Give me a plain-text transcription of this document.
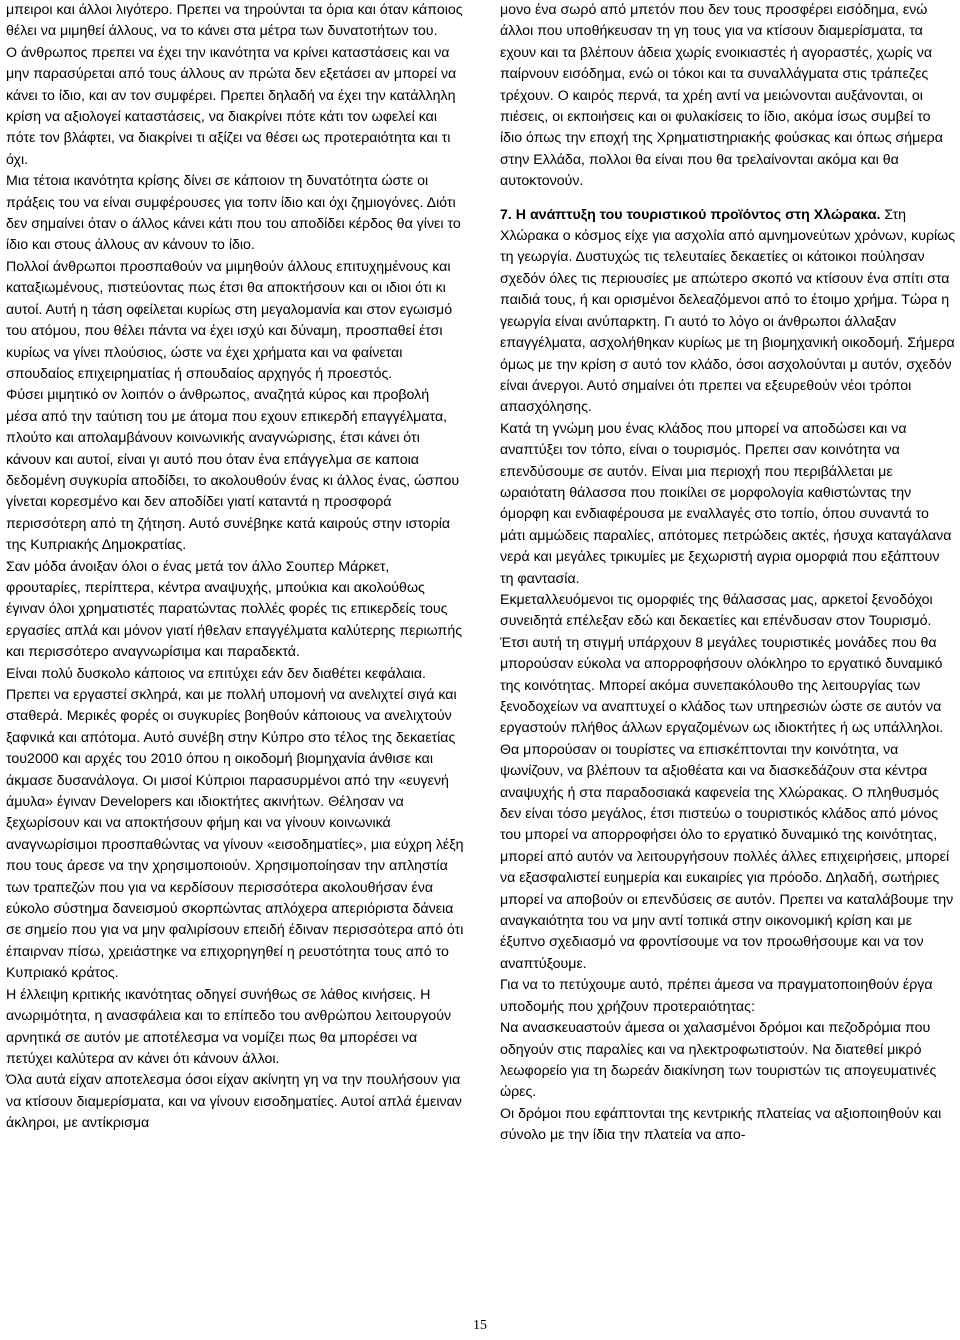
μπειροι και άλλοι λιγότερο. Πρεπει να τηρούνται τα όρια και όταν κάποιος θέλει να μιμηθεί άλλους, να το κάνει στα μέτρα των δυνατοτήτων του.

Ο άνθρωπος πρεπει να έχει την ικανότητα να κρίνει καταστάσεις και να μην παρασύρεται από τους άλλους αν πρώτα δεν εξετάσει αν μπορεί να κάνει το ίδιο, και αν τον συμφέρει. Πρεπει δηλαδή να έχει την κατάλληλη κρίση να αξιολογεί καταστάσεις, να διακρίνει πότε κάτι τον ωφελεί και πότε τον βλάφτει, να διακρίνει τι αξίζει να θέσει ως προτεραιότητα και τι όχι.

Μια τέτοια ικανότητα κρίσης δίνει σε κάποιον τη δυνατότητα ώστε οι πράξεις του να είναι συμφέρουσες για τοπν ίδιο και όχι ζημιογόνες. Διότι δεν σημαίνει όταν ο άλλος κάνει κάτι που του αποδίδει κέρδος θα γίνει το ίδιο και στους άλλους αν κάνουν το ίδιο.

Πολλοί άνθρωποι προσπαθούν να μιμηθούν άλλους επιτυχημένους και καταξιωμένους, πιστεύοντας πως έτσι θα αποκτήσουν και οι ιδιοι ότι κι αυτοί. Αυτή η τάση οφείλεται κυρίως στη μεγαλομανία και στον εγωισμό του ατόμου, που θέλει πάντα να έχει ισχύ και δύναμη, προσπαθεί έτσι κυρίως να γίνει πλούσιος, ώστε να έχει χρήματα και να φαίνεται σπουδαίος επιχειρηματίας ή σπουδαίος αρχηγός ή προεστός.

Φύσει μιμητικό ον λοιπόν ο άνθρωπος, αναζητά κύρος και προβολή μέσα από την ταύτιση του με άτομα που εχουν επικερδή επαγγέλματα, πλούτο και απολαμβάνουν κοινωνικής αναγνώρισης, έτσι κάνει ότι κάνουν και αυτοί, είναι γι αυτό που όταν ένα επάγγελμα σε καποια δεδομένη συγκυρία αποδίδει, το ακολουθούν ένας κι άλλος ένας, ώσπου γίνεται κορεσμένο και δεν αποδίδει γιατί καταντά η προσφορά περισσότερη από τη ζήτηση. Αυτό συνέβηκε κατά καιρούς στην ιστορία της Κυπριακής Δημοκρατίας.

Σαν μόδα άνοιξαν όλοι ο ένας μετά τον άλλο Σουπερ Μάρκετ, φρουταρίες, περίπτερα, κέντρα αναψυχής, μπούκια και ακολούθως έγιναν όλοι χρηματιστές παρατώντας πολλές φορές τις επικερδείς τους εργασίες απλά και μόνον γιατί ήθελαν επαγγέλματα καλύτερης περιωπής και περισσότερο αναγνωρίσιμα και παραδεκτά.

Είναι πολύ δυσκολο κάποιος να επιτύχει εάν δεν διαθέτει κεφάλαια. Πρεπει να εργαστεί σκληρά, και με πολλή υπομονή να ανελιχτεί σιγά και σταθερά. Μερικές φορές οι συγκυρίες βοηθούν κάποιους να ανελιχτούν ξαφνικά και απότομα. Αυτό συνέβη στην Κύπρο στο τέλος της δεκαετίας του2000 και αρχές του 2010 όπου η οικοδομή βιομηχανία άνθισε και άκμασε δυσανάλογα. Οι μισοί Κύπριοι παρασυρμένοι από την «ευγενή άμυλα» έγιναν Developers και ιδιοκτήτες ακινήτων. Θέλησαν να ξεχωρίσουν και να αποκτήσουν φήμη και να γίνουν κοινωνικά αναγνωρίσιμοι προσπαθώντας να γίνουν «εισοδηματίες», μια εύχρη λέξη που τους άρεσε να την χρησιμοποιούν. Χρησιμοποίησαν την απληστία των τραπεζών που για να κερδίσουν περισσότερα ακολουθήσαν ένα εύκολο σύστημα δανεισμού σκορπώντας απλόχερα απεριόριστα δάνεια σε σημείο που για να μην φαλιρίσουν επειδή έδιναν περισσότερα από ότι έπαιρναν πίσω, χρειάστηκε να επιχορηγηθεί η ρευστότητα τους από το Κυπριακό κράτος.

Η έλλειψη κριτικής ικανότητας οδηγεί συνήθως σε λάθος κινήσεις. Η ανωριμότητα, η ανασφάλεια και το επίπεδο του ανθρώπου λειτουργούν αρνητικά σε αυτόν με αποτέλεσμα να νομίζει πως θα μπορέσει να πετύχει καλύτερα αν κάνει ότι κάνουν άλλοι.

Όλα αυτά είχαν αποτελεσμα όσοι είχαν ακίνητη γη να την πουλήσουν για να κτίσουν διαμερίσματα, και να γίνουν εισοδηματίες. Αυτοί απλά έμειναν άκληροι, με αντίκρισμα

μονο ένα σωρό από μπετόν που δεν τους προσφέρει εισόδημα, ενώ άλλοι που υποθήκευσαν τη γη τους για να κτίσουν διαμερίσματα, τα εχουν και τα βλέπουν άδεια χωρίς ενοικιαστές ή αγοραστές, χωρίς να παίρνουν εισόδημα, ενώ οι τόκοι και τα συναλλάγματα στις τράπεζες τρέχουν. Ο καιρός περνά, τα χρέη αντί να μειώνονται αυξάνονται, οι πιέσεις, οι εκποιήσεις και οι φυλακίσεις το ίδιο, ακόμα ίσως συμβεί το ίδιο όπως την εποχή της Χρηματιστηριακής φούσκας και όπως σήμερα στην Ελλάδα, πολλοι θα είναι που θα τρελαίνονται ακόμα και θα αυτοκτονούν.

7. Η ανάπτυξη του τουριστικού προϊόντος στη Χλώρακα. Στη Χλώρακα ο κόσμος είχε για ασχολία από αμνημονεύτων χρόνων, κυρίως τη γεωργία. Δυστυχώς τις τελευταίες δεκαετίες οι κάτοικοι πούλησαν σχεδόν όλες τις περιουσίες με απώτερο σκοπό να κτίσουν ένα σπίτι στα παιδιά τους, ή και ορισμένοι δελεαζόμενοι από το έτοιμο χρήμα. Τώρα η γεωργία είναι ανύπαρκτη. Γι αυτό το λόγο οι άνθρωποι άλλαξαν επαγγέλματα, ασχολήθηκαν κυρίως με τη βιομηχανική οικοδομή. Σήμερα όμως με την κρίση σ αυτό τον κλάδο, όσοι ασχολούνται μ αυτόν, σχεδόν είναι άνεργοι. Αυτό σημαίνει ότι πρεπει να εξευρεθούν νέοι τρόποι απασχόλησης.

Κατά τη γνώμη μου ένας κλάδος που μπορεί να αποδώσει και να αναπτύξει τον τόπο, είναι ο τουρισμός. Πρεπει σαν κοινότητα να επενδύσουμε σε αυτόν. Είναι μια περιοχή που περιβάλλεται με ωραιότατη θάλασσα που ποικίλει σε μορφολογία καθιστώντας την όμορφη και ενδιαφέρουσα με εναλλαγές στο τοπίο, όπου συναντά το μάτι αμμώδεις παραλίες, απότομες πετρώδεις ακτές, ήσυχα καταγάλανα νερά και μεγάλες τρικυμίες με ξεχωριστή αγρια ομορφιά που εξάπτουν τη φαντασία.

Εκμεταλλευόμενοι τις ομορφιές της θάλασσας μας, αρκετοί ξενοδόχοι συνειδητά επέλεξαν εδώ και δεκαετίες και επένδυσαν στον Τουρισμό. Έτσι αυτή τη στιγμή υπάρχουν 8 μεγάλες τουριστικές μονάδες που θα μπορούσαν εύκολα να απορροφήσουν ολόκληρο το εργατικό δυναμικό της κοινότητας. Μπορεί ακόμα συνεπακόλουθο της λειτουργίας των ξενοδοχείων να αναπτυχεί ο κλάδος των υπηρεσιών ώστε σε αυτόν να εργαστούν πλήθος άλλων εργαζομένων ως ιδιοκτήτες ή ως υπάλληλοι. Θα μπορούσαν οι τουρίστες να επισκέπτονται την κοινότητα, να ψωνίζουν, να βλέπουν τα αξιοθέατα και να διασκεδάζουν στα κέντρα αναψυχής ή στα παραδοσιακά καφενεία της Χλώρακας. Ο πληθυσμός δεν είναι τόσο μεγάλος, έτσι πιστεύω ο τουριστικός κλάδος από μόνος του μπορεί να απορροφήσει όλο το εργατικό δυναμικό της κοινότητας, μπορεί από αυτόν να λειτουργήσουν πολλές άλλες επιχειρήσεις, μπορεί να εξασφαλιστεί ευημερία και ευκαιρίες για πρόοδο. Δηλαδή, σωτήριες μπορεί να αποβούν οι επενδύσεις σε αυτόν. Πρεπει να καταλάβουμε την αναγκαιότητα του να μην αντί τοπικά στην οικονομική κρίση και με έξυπνο σχεδιασμό να φροντίσουμε να τον προωθήσουμε και να τον αναπτύξουμε.

Για να το πετύχουμε αυτό, πρέπει άμεσα να πραγματοποιηθούν έργα υποδομής που χρήζουν προτεραιότητας:

Να ανασκευαστούν άμεσα οι χαλασμένοι δρόμοι και πεζοδρόμια που οδηγούν στις παραλίες και να ηλεκτροφωτιστούν. Να διατεθεί μικρό λεωφορείο για τη δωρεάν διακίνηση των τουριστών τις απογευματινές ώρες.

Οι δρόμοι που εφάπτονται της κεντρικής πλατείας να αξιοποιηθούν και σύνολο με την ίδια την πλατεία να απο-

15
